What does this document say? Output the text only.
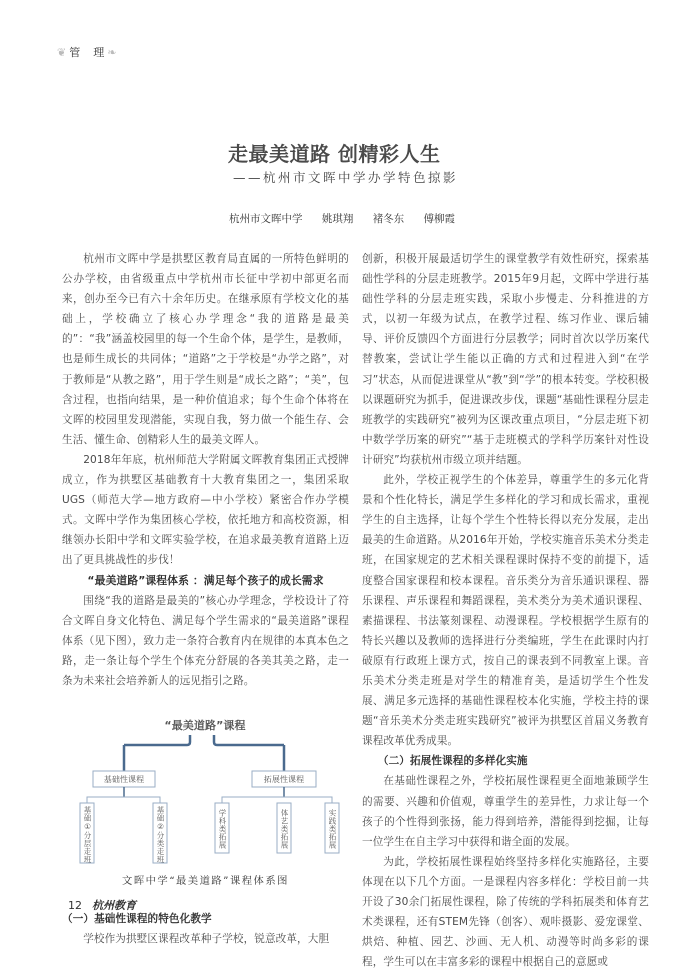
❦ 管　理 ❧
走最美道路 创精彩人生
——杭州市文晖中学办学特色掠影
杭州市文晖中学 姚琪翔 褚冬东 傅柳霞

杭州市文晖中学是拱墅区教育局直属的一所特色鲜明的公办学校，由省级重点中学杭州市长征中学初中部更名而来，创办至今已有六十余年历史。在继承原有学校文化的基础上，学校确立了核心办学理念“我的道路是最美的”：“我”涵盖校园里的每一个生命个体，是学生，是教师，也是师生成长的共同体；“道路”之于学校是“办学之路”，对于教师是“从教之路”，用于学生则是“成长之路”；“美”，包含过程，也指向结果，是一种价值追求；每个生命个体将在文晖的校园里发现潜能，实现自我，努力做一个能生存、会生活、懂生命、创精彩人生的最美文晖人。

2018年年底，杭州师范大学附属文晖教育集团正式授牌成立，作为拱墅区基础教育十大教育集团之一，集团采取UGS（师范大学—地方政府—中小学校）紧密合作办学模式。文晖中学作为集团核心学校，依托地方和高校资源，相继领办长阳中学和文晖实验学校，在追求最美教育道路上迈出了更具挑战性的步伐！

“最美道路”课程体系 ：满足每个孩子的成长需求

围绕“我的道路是最美的”核心办学理念，学校设计了符合文晖自身文化特色、满足每个学生需求的“最美道路”课程体系（见下图），致力走一条符合教育内在规律的本真本色之路，走一条让每个学生个体充分舒展的各美其美之路，走一条为未来社会培养新人的远见指引之路。

“最美道路”课程
基础性课程	拓展性课程
基础①分层走班	基础②分类走班	学科类拓展	体艺类拓展	实践类拓展
文晖中学“最美道路”课程体系图

（一）基础性课程的特色化教学

学校作为拱墅区课程改革种子学校，锐意改革，大胆

创新，积极开展最适切学生的课堂教学有效性研究，探索基础性学科的分层走班教学。2015年9月起，文晖中学进行基础性学科的分层走班实践，采取小步慢走、分科推进的方式，以初一年级为试点，在教学过程、练习作业、课后辅导、评价反馈四个方面进行分层教学；同时首次以学历案代替教案，尝试让学生能以正确的方式和过程进入到“在学习”状态，从而促进课堂从“教”到“学”的根本转变。学校积极以课题研究为抓手，促进课改步伐，课题“基础性课程分层走班教学的实践研究”被列为区课改重点项目，“分层走班下初中数学学历案的研究”“基于走班模式的学科学历案针对性设计研究”均获杭州市级立项并结题。

此外，学校正视学生的个体差异，尊重学生的多元化背景和个性化特长，满足学生多样化的学习和成长需求，重视学生的自主选择，让每个学生个性特长得以充分发展，走出最美的生命道路。从2016年开始，学校实施音乐美术分类走班，在国家规定的艺术相关课程课时保持不变的前提下，适度整合国家课程和校本课程。音乐类分为音乐通识课程、器乐课程、声乐课程和舞蹈课程，美术类分为美术通识课程、素描课程、书法篆刻课程、动漫课程。学校根据学生原有的特长兴趣以及教师的选择进行分类编班，学生在此课时内打破原有行政班上课方式，按自己的课表到不同教室上课。音乐美术分类走班是对学生的精准育美，是适切学生个性发展、满足多元选择的基础性课程校本化实施，学校主持的课题“音乐美术分类走班实践研究”被评为拱墅区首届义务教育课程改革优秀成果。

（二）拓展性课程的多样化实施

在基础性课程之外，学校拓展性课程更全面地兼顾学生的需要、兴趣和价值观，尊重学生的差异性，力求让每一个孩子的个性得到张扬，能力得到培养，潜能得到挖掘，让每一位学生在自主学习中获得和谐全面的发展。

为此，学校拓展性课程始终坚持多样化实施路径，主要体现在以下几个方面。一是课程内容多样化：学校目前一共开设了30余门拓展性课程，除了传统的学科拓展类和体育艺术类课程，还有STEM先锋（创客）、观咔摄影、爱宠课堂、烘焙、种植、园艺、沙画、无人机、动漫等时尚多彩的课程，学生可以在丰富多彩的课程中根据自己的意愿或

12 杭州教育
